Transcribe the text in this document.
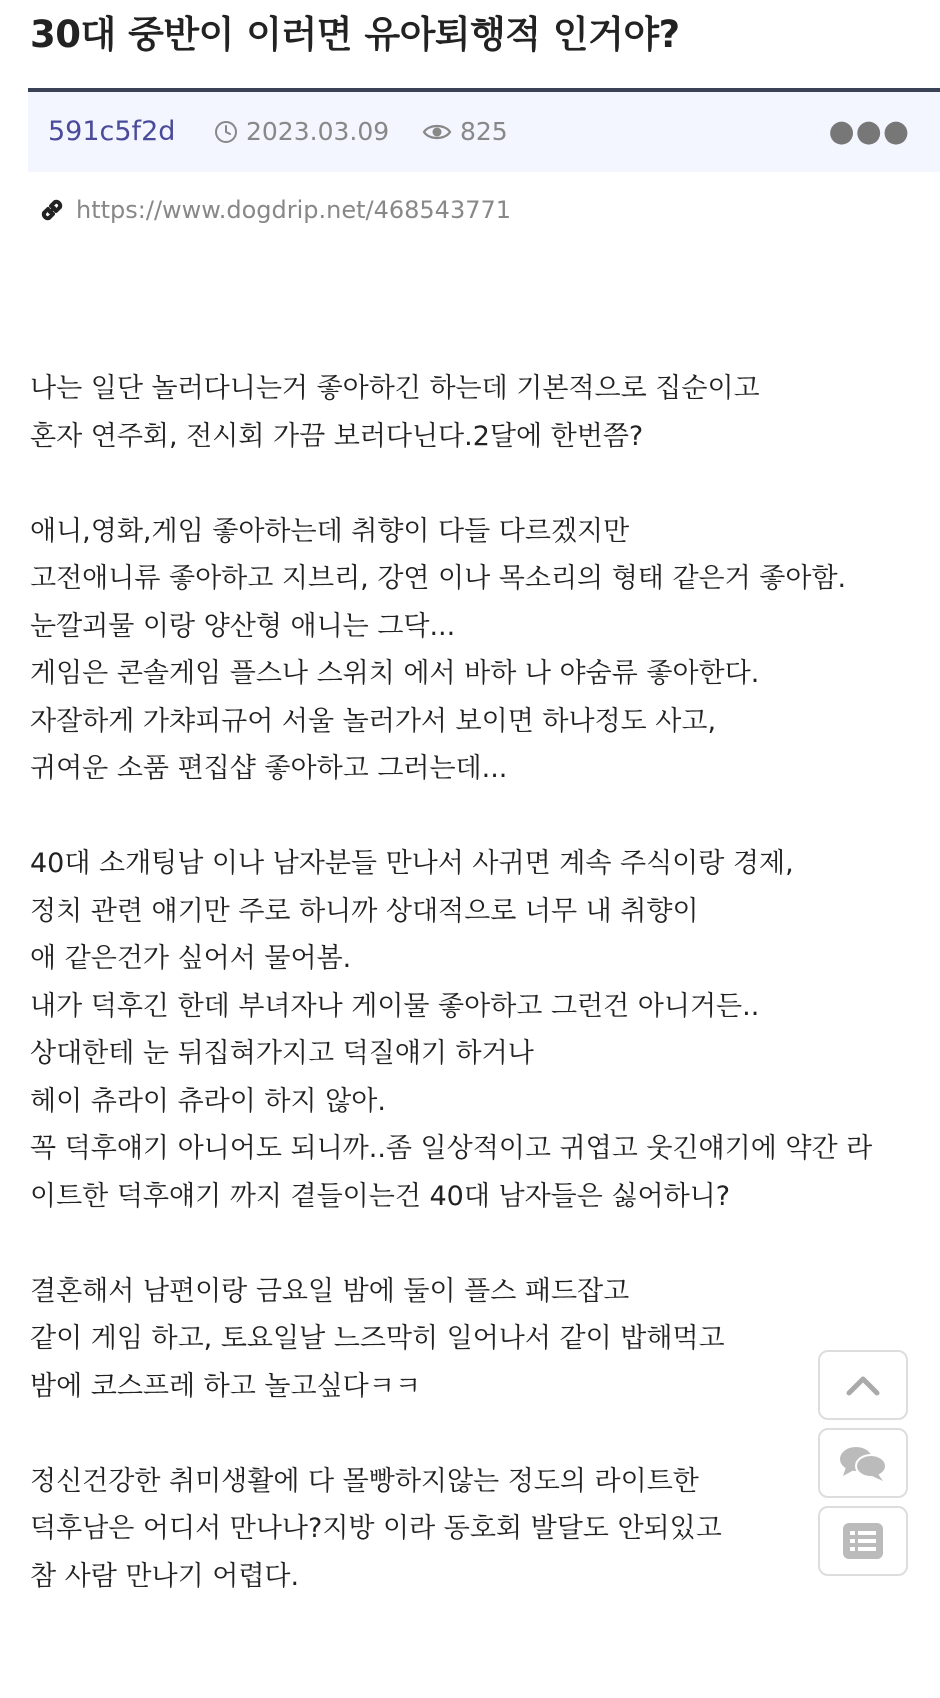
30대 중반이 이러면 유아퇴행적 인거야?
591c5f2d	2023.03.09	825	●●●
https://www.dogdrip.net/468543771
나는 일단 놀러다니는거 좋아하긴 하는데 기본적으로 집순이고
혼자 연주회, 전시회 가끔 보러다닌다.2달에 한번쯤?
애니,영화,게임 좋아하는데 취향이 다들 다르겠지만
고전애니류 좋아하고 지브리, 강연 이나 목소리의 형태 같은거 좋아함.
눈깔괴물 이랑 양산형 애니는 그닥...
게임은 콘솔게임 플스나 스위치 에서 바하 나 야숨류 좋아한다.
자잘하게 가챠피규어 서울 놀러가서 보이면 하나정도 사고,
귀여운 소품 편집샵 좋아하고 그러는데...
40대 소개팅남 이나 남자분들 만나서 사귀면 계속 주식이랑 경제,
정치 관련 얘기만 주로 하니까 상대적으로 너무 내 취향이
애 같은건가 싶어서 물어봄.
내가 덕후긴 한데 부녀자나 게이물 좋아하고 그런건 아니거든..
상대한테 눈 뒤집혀가지고 덕질얘기 하거나
헤이 츄라이 츄라이 하지 않아.
꼭 덕후얘기 아니어도 되니까..좀 일상적이고 귀엽고 웃긴얘기에 약간 라
이트한 덕후얘기 까지 곁들이는건 40대 남자들은 싫어하니?
결혼해서 남편이랑 금요일 밤에 둘이 플스 패드잡고
같이 게임 하고, 토요일날 느즈막히 일어나서 같이 밥해먹고
밤에 코스프레 하고 놀고싶다ㅋㅋ
정신건강한 취미생활에 다 몰빵하지않는 정도의 라이트한
덕후남은 어디서 만나나?지방 이라 동호회 발달도 안되있고
참 사람 만나기 어렵다.
